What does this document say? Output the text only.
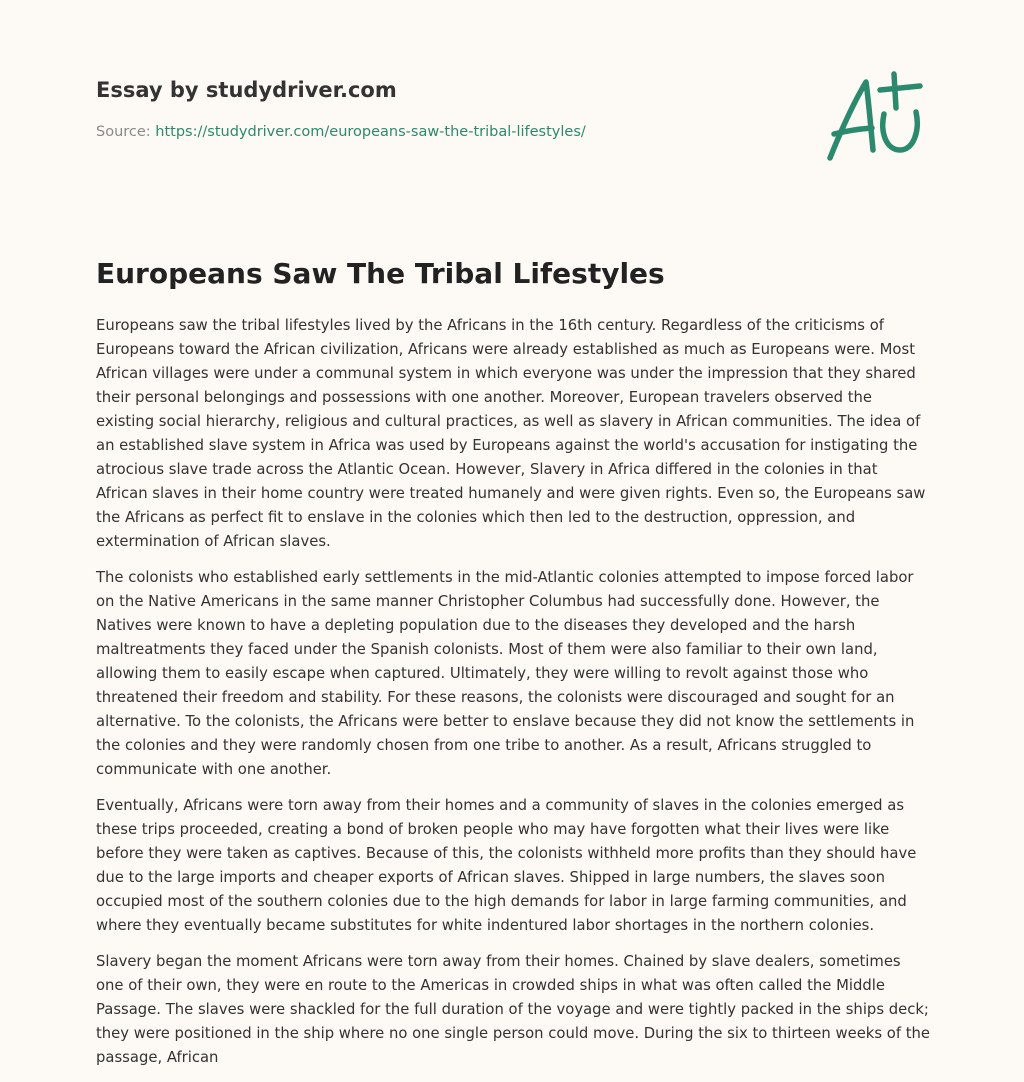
Essay by studydriver.com
Source: https://studydriver.com/europeans-saw-the-tribal-lifestyles/
Europeans Saw The Tribal Lifestyles

Europeans saw the tribal lifestyles lived by the Africans in the 16th century. Regardless of the criticisms of Europeans toward the African civilization, Africans were already established as much as Europeans were. Most African villages were under a communal system in which everyone was under the impression that they shared their personal belongings and possessions with one another. Moreover, European travelers observed the existing social hierarchy, religious and cultural practices, as well as slavery in African communities. The idea of an established slave system in Africa was used by Europeans against the world's accusation for instigating the atrocious slave trade across the Atlantic Ocean. However, Slavery in Africa differed in the colonies in that African slaves in their home country were treated humanely and were given rights. Even so, the Europeans saw the Africans as perfect fit to enslave in the colonies which then led to the destruction, oppression, and extermination of African slaves.

The colonists who established early settlements in the mid-Atlantic colonies attempted to impose forced labor on the Native Americans in the same manner Christopher Columbus had successfully done. However, the Natives were known to have a depleting population due to the diseases they developed and the harsh maltreatments they faced under the Spanish colonists. Most of them were also familiar to their own land, allowing them to easily escape when captured. Ultimately, they were willing to revolt against those who threatened their freedom and stability. For these reasons, the colonists were discouraged and sought for an alternative. To the colonists, the Africans were better to enslave because they did not know the settlements in the colonies and they were randomly chosen from one tribe to another. As a result, Africans struggled to communicate with one another.

Eventually, Africans were torn away from their homes and a community of slaves in the colonies emerged as these trips proceeded, creating a bond of broken people who may have forgotten what their lives were like before they were taken as captives. Because of this, the colonists withheld more profits than they should have due to the large imports and cheaper exports of African slaves. Shipped in large numbers, the slaves soon occupied most of the southern colonies due to the high demands for labor in large farming communities, and where they eventually became substitutes for white indentured labor shortages in the northern colonies.

Slavery began the moment Africans were torn away from their homes. Chained by slave dealers, sometimes one of their own, they were en route to the Americas in crowded ships in what was often called the Middle Passage. The slaves were shackled for the full duration of the voyage and were tightly packed in the ships deck; they were positioned in the ship where no one single person could move. During the six to thirteen weeks of the passage, African
